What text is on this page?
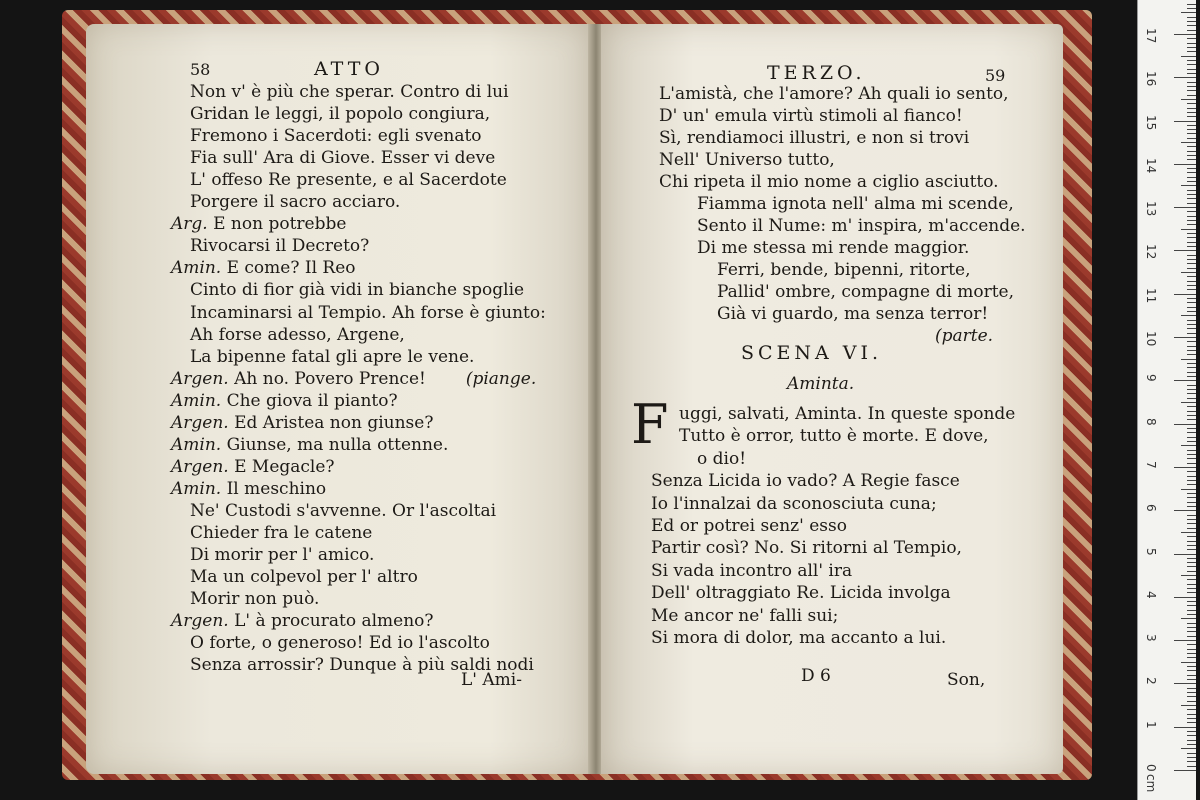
58	ATTO
Non v' è più che sperar. Contro di lui
Gridan le leggi, il popolo congiura,
Fremono i Sacerdoti: egli svenato
Fia sull' Ara di Giove. Esser vi deve
L' offeso Re presente, e al Sacerdote
Porgere il sacro acciaro.
Arg. E non potrebbe
Rivocarsi il Decreto?
Amin. E come? Il Reo
Cinto di fior già vidi in bianche spoglie
Incaminarsi al Tempio. Ah forse è giunto:
Ah forse adesso, Argene,
La bipenne fatal gli apre le vene.
Argen. Ah no. Povero Prence! (piange.
Amin. Che giova il pianto?
Argen. Ed Aristea non giunse?
Amin. Giunse, ma nulla ottenne.
Argen. E Megacle?
Amin. Il meschino
Ne' Custodi s'avvenne. Or l'ascoltai
Chieder fra le catene
Di morir per l' amico.
Ma un colpevol per l' altro
Morir non può.
Argen. L' à procurato almeno?
O forte, o generoso! Ed io l'ascolto
Senza arrossir? Dunque à più saldi nodi
L' Ami-
TERZO.	59
L'amistà, che l'amore? Ah quali io sento,
D' un' emula virtù stimoli al fianco!
Sì, rendiamoci illustri, e non si trovi
Nell' Universo tutto,
Chi ripeta il mio nome a ciglio asciutto.
Fiamma ignota nell' alma mi scende,
Sento il Nume: m' inspira, m'accende.
Di me stessa mi rende maggior.
Ferri, bende, bipenni, ritorte,
Pallid' ombre, compagne di morte,
Già vi guardo, ma senza terror!
(parte.
SCENA VI.
Aminta.
F uggi, salvati, Aminta. In queste sponde
Tutto è orror, tutto è morte. E dove,
o dio!
Senza Licida io vado? A Regie fasce
Io l'innalzai da sconosciuta cuna;
Ed or potrei senz' esso
Partir così? No. Si ritorni al Tempio,
Si vada incontro all' ira
Dell' oltraggiato Re. Licida involga
Me ancor ne' falli sui;
Si mora di dolor, ma accanto a lui.
D 6	Son,
0
1
2
3
4
5
6
7
8
9
10
11
12
13
14
15
16
17
cm
